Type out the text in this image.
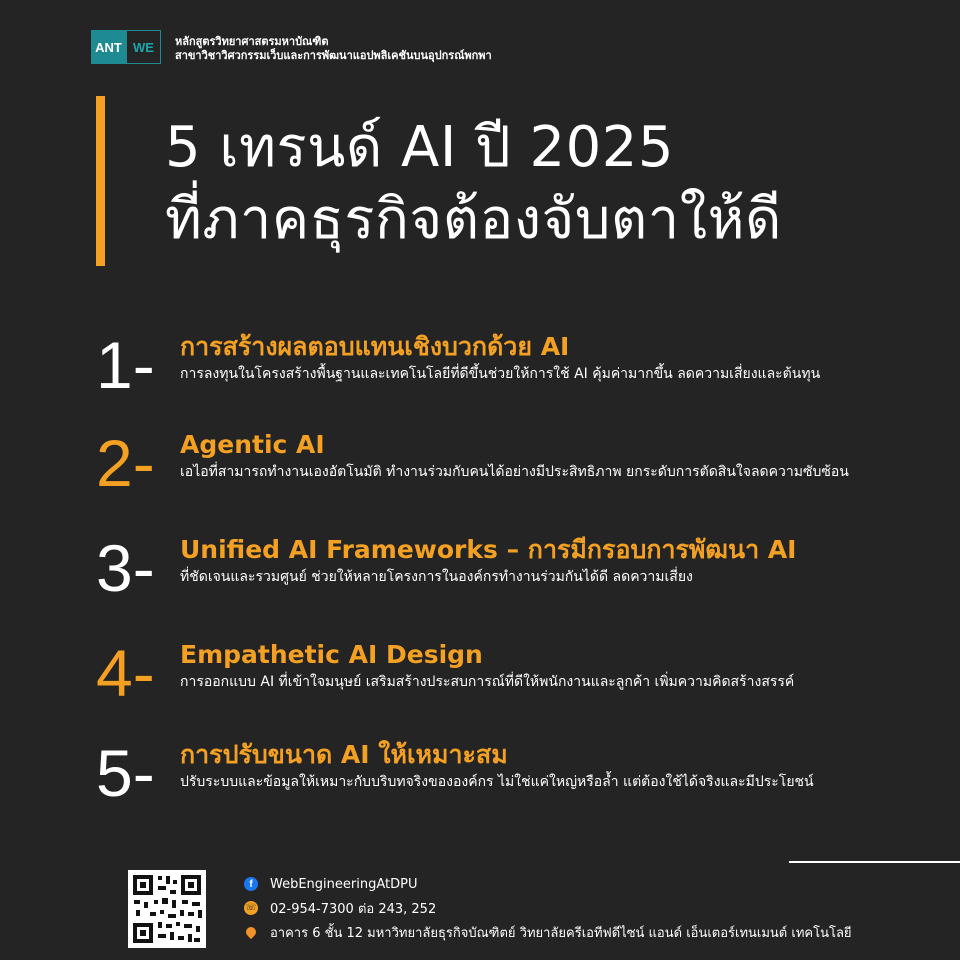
ANT WE	หลักสูตรวิทยาศาสตรมหาบัณฑิต
สาขาวิชาวิศวกรรมเว็บและการพัฒนาแอปพลิเคชันบนอุปกรณ์พกพา
5 เทรนด์ AI ปี 2025
ที่ภาคธุรกิจต้องจับตาให้ดี
1- การสร้างผลตอบแทนเชิงบวกด้วย AI
การลงทุนในโครงสร้างพื้นฐานและเทคโนโลยีที่ดีขึ้นช่วยให้การใช้ AI คุ้มค่ามากขึ้น ลดความเสี่ยงและต้นทุน
2- Agentic AI
เอไอที่สามารถทำงานเองอัตโนมัติ ทำงานร่วมกับคนได้อย่างมีประสิทธิภาพ ยกระดับการตัดสินใจลดความซับซ้อน
3- Unified AI Frameworks – การมีกรอบการพัฒนา AI
ที่ชัดเจนและรวมศูนย์ ช่วยให้หลายโครงการในองค์กรทำงานร่วมกันได้ดี ลดความเสี่ยง
4- Empathetic AI Design
การออกแบบ AI ที่เข้าใจมนุษย์ เสริมสร้างประสบการณ์ที่ดีให้พนักงานและลูกค้า เพิ่มความคิดสร้างสรรค์
5- การปรับขนาด AI ให้เหมาะสม
ปรับระบบและข้อมูลให้เหมาะกับบริบทจริงขององค์กร ไม่ใช่แค่ใหญ่หรือล้ำ แต่ต้องใช้ได้จริงและมีประโยชน์
f	WebEngineeringAtDPU
☏ 02-954-7300 ต่อ 243, 252
อาคาร 6 ชั้น 12 มหาวิทยาลัยธุรกิจบัณฑิตย์ วิทยาลัยครีเอทีฟดีไซน์ แอนด์ เอ็นเตอร์เทนเมนต์ เทคโนโลยี
